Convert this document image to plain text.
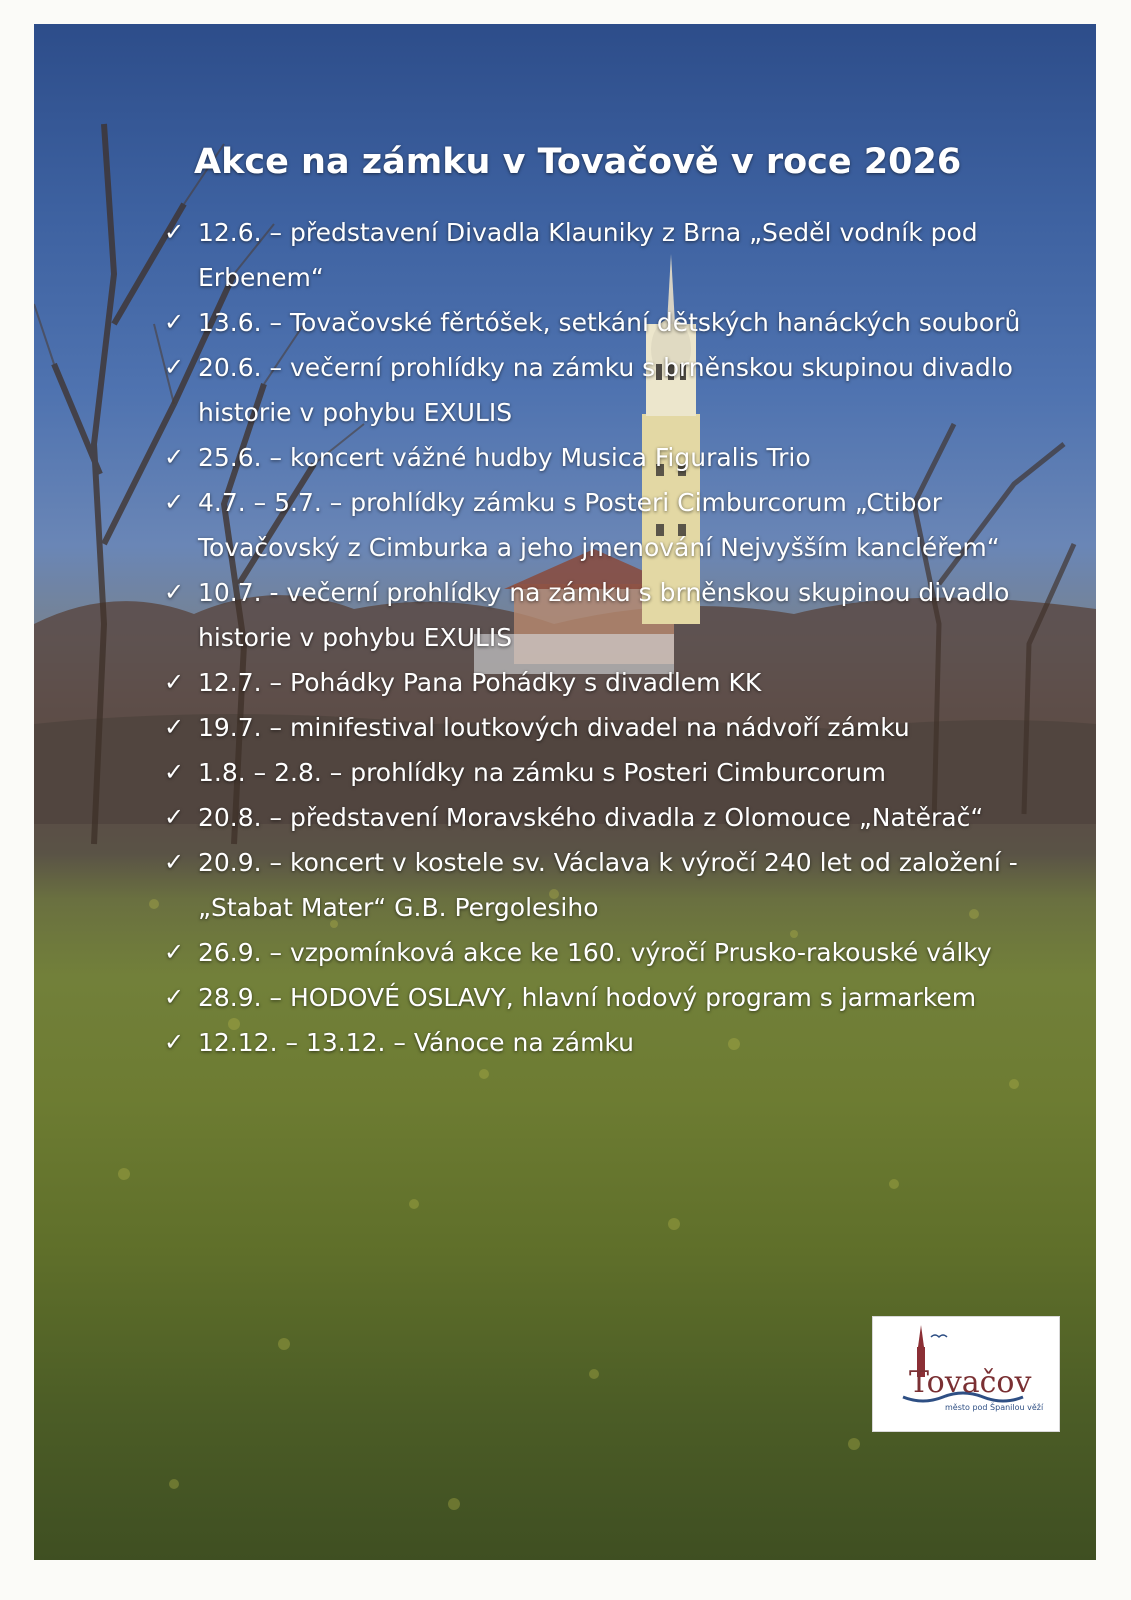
Akce na zámku v Tovačově v roce 2026
✓ 12.6. – představení Divadla Klauniky z Brna „Seděl vodník pod Erbenem“
✓ 13.6. – Tovačovské fěrtóšek, setkání dětských hanáckých souborů
✓ 20.6. – večerní prohlídky na zámku s brněnskou skupinou divadlo historie v pohybu EXULIS
✓ 25.6. – koncert vážné hudby Musica Figuralis Trio
✓ 4.7. – 5.7. – prohlídky zámku s Posteri Cimburcorum „Ctibor Tovačovský z Cimburka a jeho jmenování Nejvyšším kancléřem“
✓ 10.7. - večerní prohlídky na zámku s brněnskou skupinou divadlo historie v pohybu EXULIS
✓ 12.7. – Pohádky Pana Pohádky s divadlem KK
✓ 19.7. – minifestival loutkových divadel na nádvoří zámku
✓ 1.8. – 2.8. – prohlídky na zámku s Posteri Cimburcorum
✓ 20.8. – představení Moravského divadla z Olomouce „Natěrač“
✓ 20.9. – koncert v kostele sv. Václava k výročí 240 let od založení - „Stabat Mater“ G.B. Pergolesiho
✓ 26.9. – vzpomínková akce ke 160. výročí Prusko-rakouské války
✓ 28.9. – HODOVÉ OSLAVY, hlavní hodový program s jarmarkem
✓ 12.12. – 13.12. – Vánoce na zámku
Tovačov
město pod Španilou věží
